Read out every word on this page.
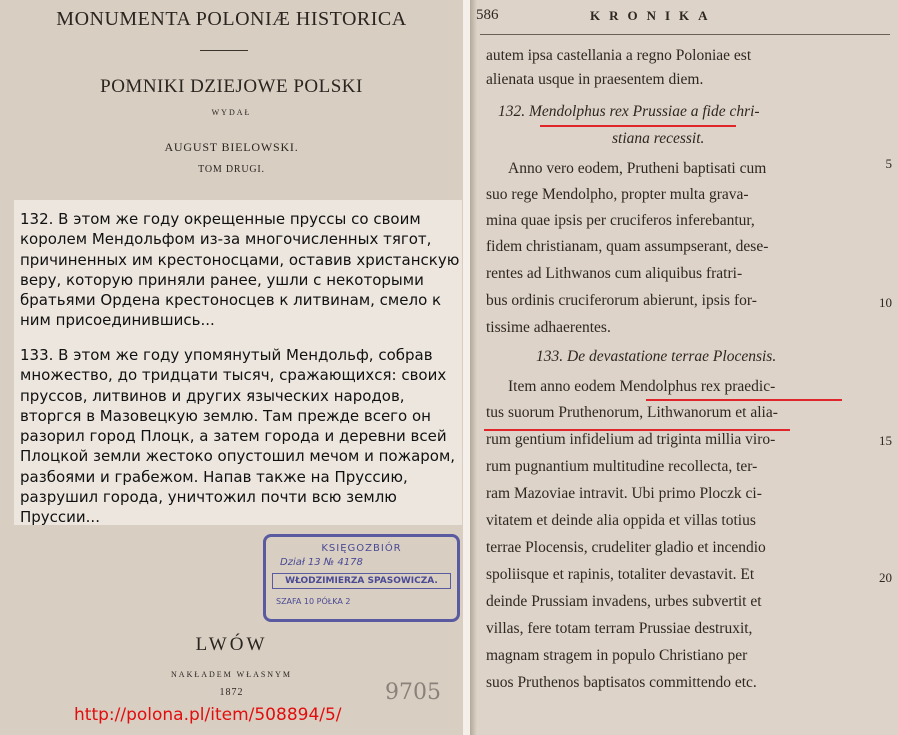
MONUMENTA POLONIÆ HISTORICA
POMNIKI DZIEJOWE POLSKI
WYDAŁ
AUGUST BIELOWSKI.
TOM DRUGI.
132. В этом же году окрещенные пруссы со своим королем Мендольфом из-за многочисленных тягот, причиненных им крестоносцами, оставив христанскую веру, которую приняли ранее, ушли с некоторыми братьями Ордена крестоносцев к литвинам, смело к ним присоединившись...
133. В этом же году упомянутый Мендольф, собрав множество, до тридцати тысяч, сражающихся: своих пруссов, литвинов и других языческих народов, вторгся в Мазовецкую землю. Там прежде всего он разорил город Плоцк, а затем города и деревни всей Плоцкой земли жестоко опустошил мечом и пожаром, разбоями и грабежом. Напав также на Пруссию, разрушил города, уничтожил почти всю землю Пруссии...
KSIĘGOZBIÓR
Dział 13 № 4178
WŁODZIMIERZA SPASOWICZA.
SZAFA 10 PÓŁKA 2
LWÓW
NAKŁADEM WŁASNYM
1872	9705
http://polona.pl/item/508894/5/
586	KRONIKA
autem ipsa castellania a regno Poloniae est
alienata usque in praesentem diem.
132. Mendolphus rex Prussiae a fide chri-
stiana recessit.
Anno vero eodem, Prutheni baptisati cum
suo rege Mendolpho, propter multa grava-
mina quae ipsis per cruciferos inferebantur,
fidem christianam, quam assumpserant, dese-
rentes ad Lithwanos cum aliquibus fratri-
bus ordinis cruciferorum abierunt, ipsis for-
tissime adhaerentes.
133. De devastatione terrae Plocensis.
Item anno eodem Mendolphus rex praedic-
tus suorum Pruthenorum, Lithwanorum et alia-
rum gentium infidelium ad triginta millia viro-
rum pugnantium multitudine recollecta, ter-
ram Mazoviae intravit. Ubi primo Ploczk ci-
vitatem et deinde alia oppida et villas totius
terrae Plocensis, crudeliter gladio et incendio
spoliisque et rapinis, totaliter devastavit. Et
deinde Prussiam invadens, urbes subvertit et
villas, fere totam terram Prussiae destruxit,
magnam stragem in populo Christiano per
suos Pruthenos baptisatos committendo etc.
5
10
15
20
